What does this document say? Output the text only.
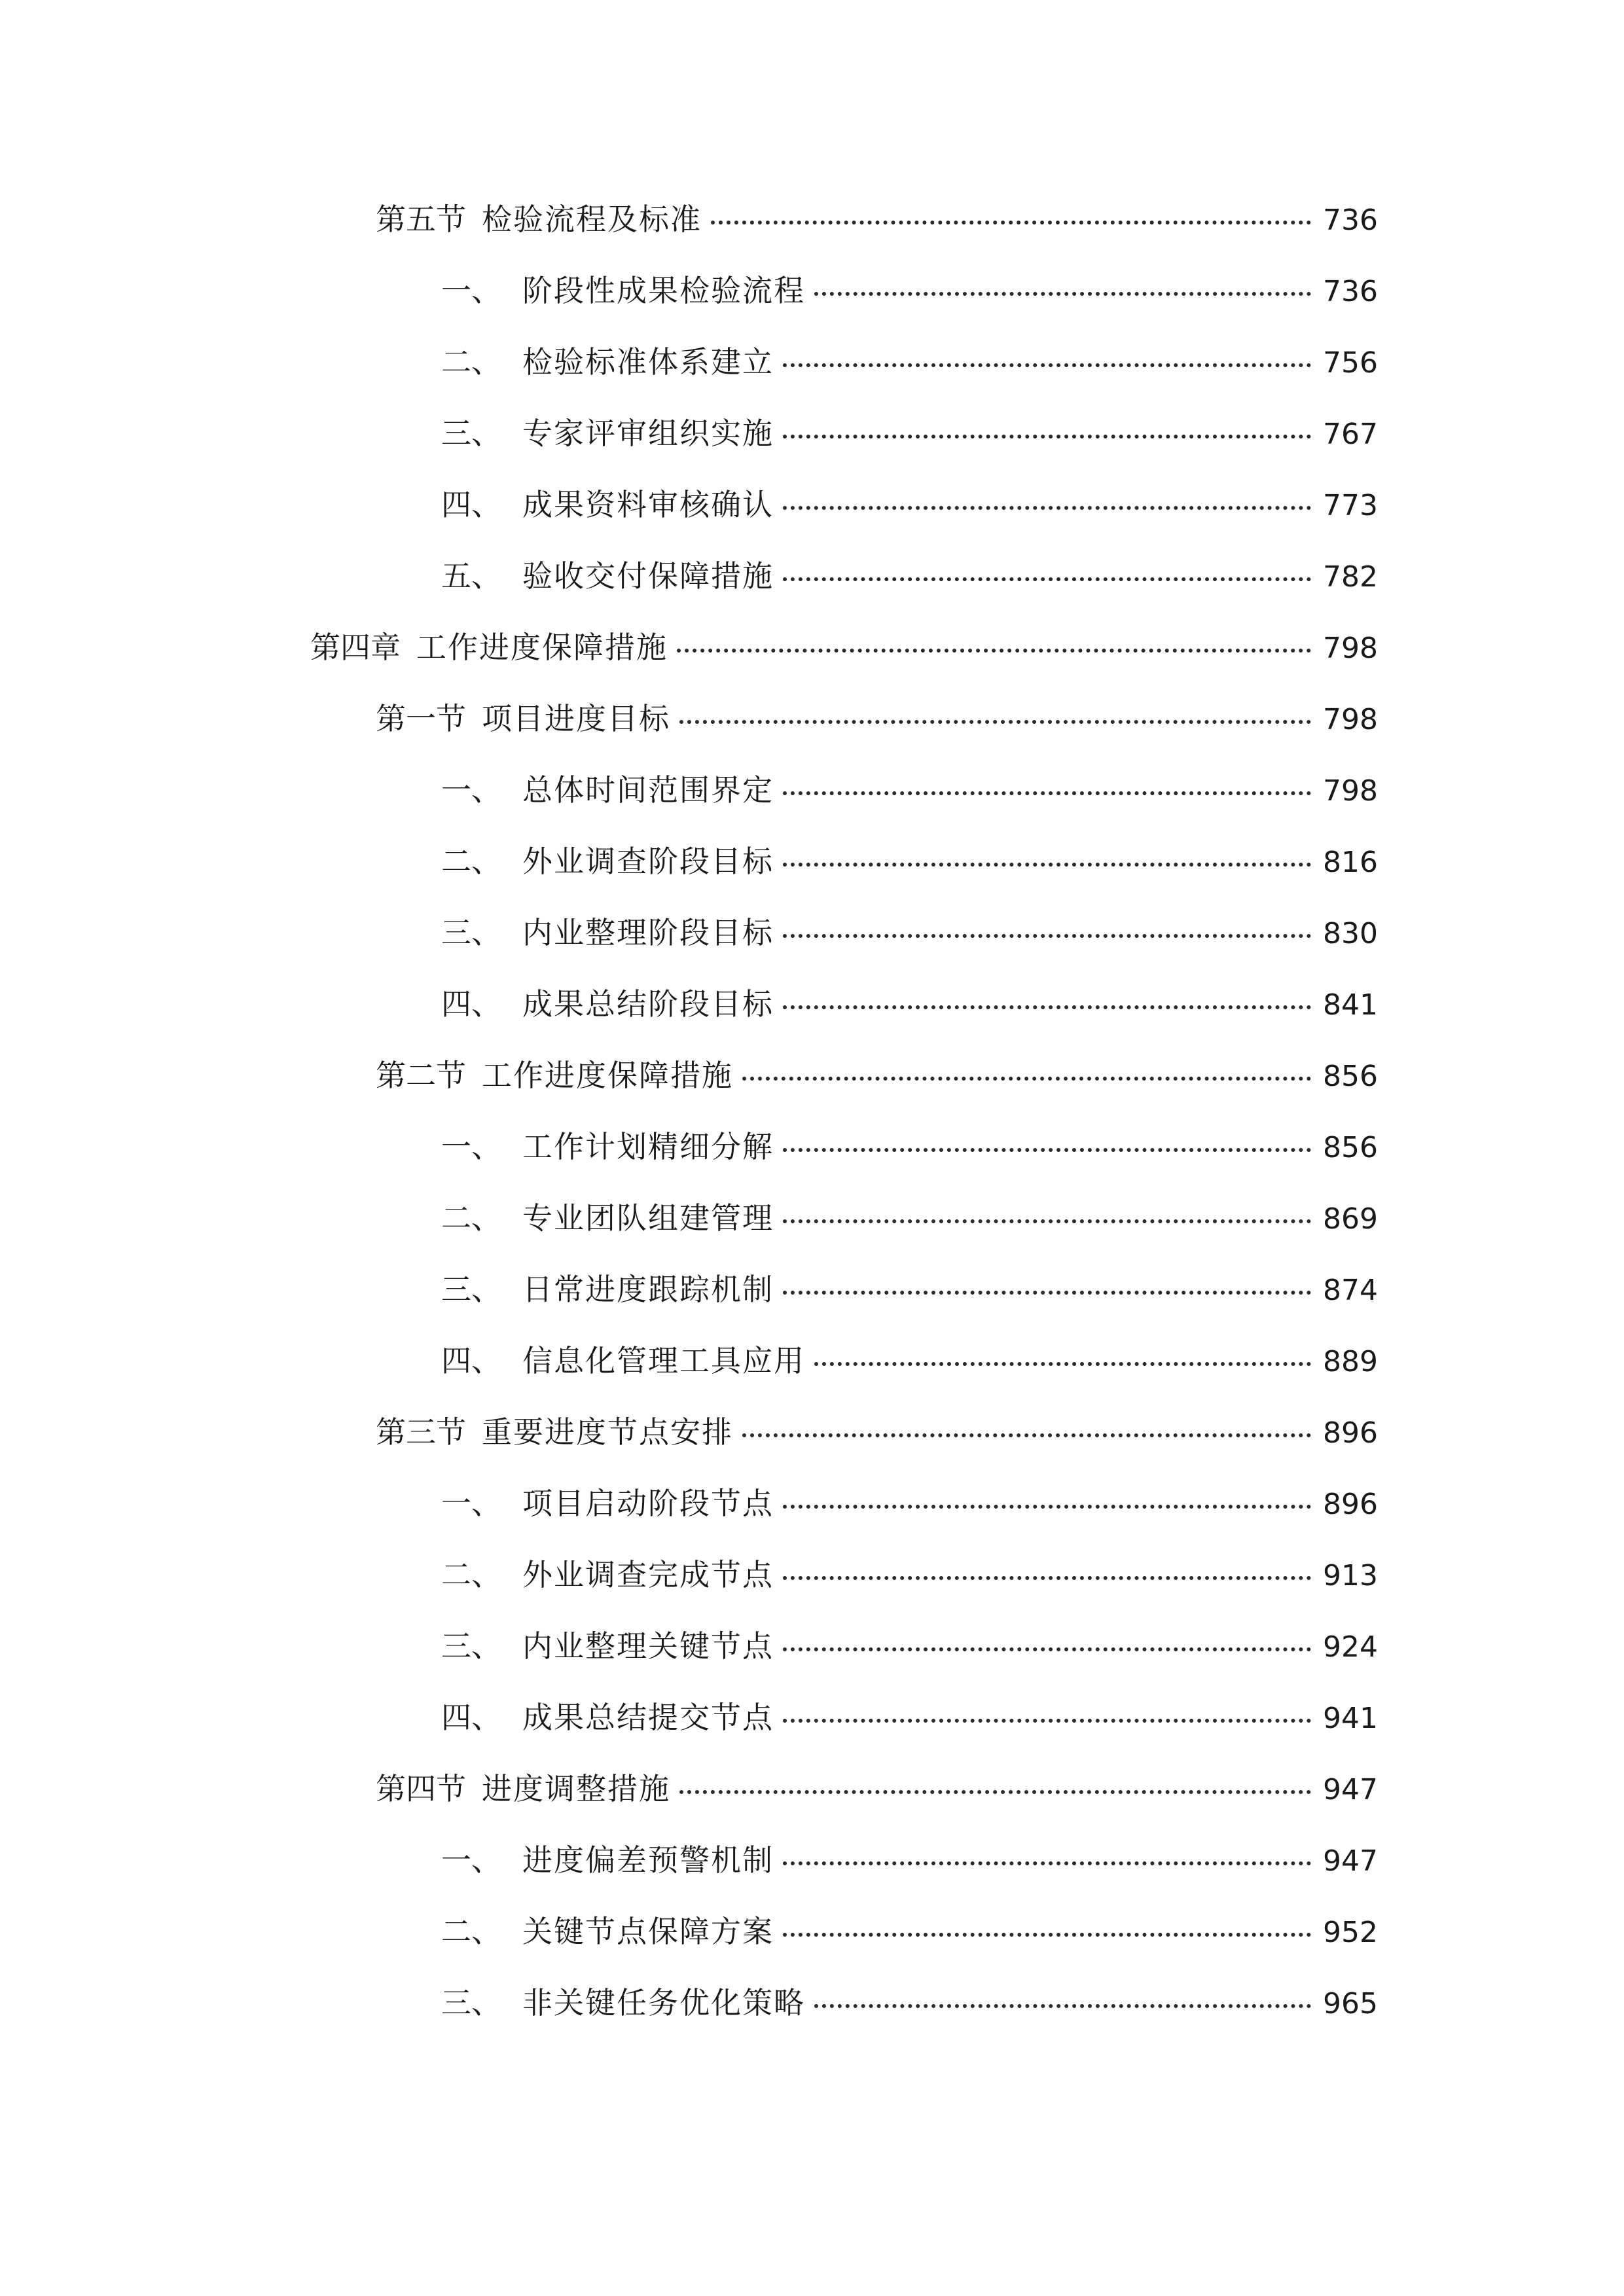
第五节 检验流程及标准	736
一、 阶段性成果检验流程	736
二、 检验标准体系建立	756
三、 专家评审组织实施	767
四、 成果资料审核确认	773
五、 验收交付保障措施	782
第四章 工作进度保障措施	798
第一节 项目进度目标	798
一、 总体时间范围界定	798
二、 外业调查阶段目标	816
三、 内业整理阶段目标	830
四、 成果总结阶段目标	841
第二节 工作进度保障措施	856
一、 工作计划精细分解	856
二、 专业团队组建管理	869
三、 日常进度跟踪机制	874
四、 信息化管理工具应用	889
第三节 重要进度节点安排	896
一、 项目启动阶段节点	896
二、 外业调查完成节点	913
三、 内业整理关键节点	924
四、 成果总结提交节点	941
第四节 进度调整措施	947
一、 进度偏差预警机制	947
二、 关键节点保障方案	952
三、 非关键任务优化策略	965
